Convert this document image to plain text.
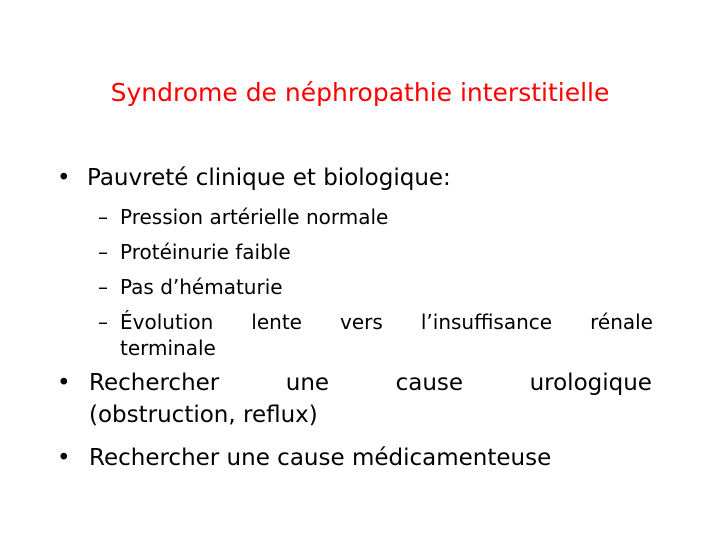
Syndrome de néphropathie interstitielle
• Pauvreté clinique et biologique:
– Pression artérielle normale
– Protéinurie faible
– Pas d’hématurie
– Évolution lente vers l’insuffisance rénale
terminale
• Rechercher	une	cause	urologique
(obstruction, reflux)
• Rechercher une cause médicamenteuse
